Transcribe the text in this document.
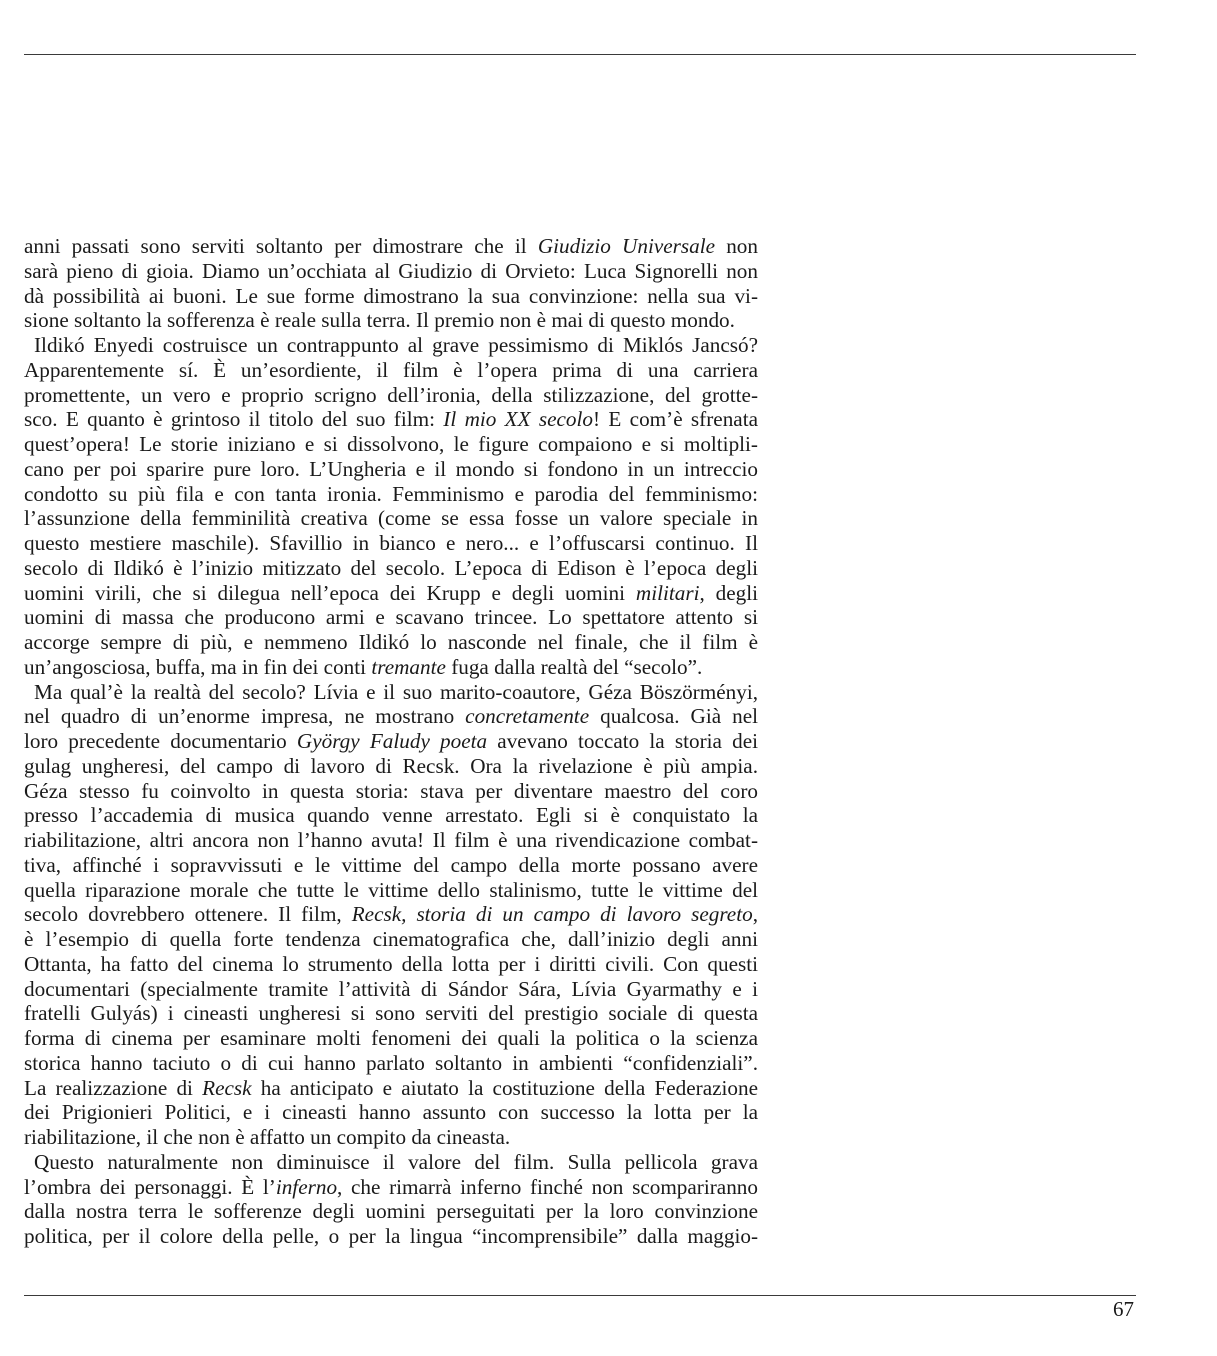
anni passati sono serviti soltanto per dimostrare che il Giudizio Universale non
sarà pieno di gioia. Diamo un’occhiata al Giudizio di Orvieto: Luca Signorelli non
dà possibilità ai buoni. Le sue forme dimostrano la sua convinzione: nella sua vi-
sione soltanto la sofferenza è reale sulla terra. Il premio non è mai di questo mondo.
Ildikó Enyedi costruisce un contrappunto al grave pessimismo di Miklós Jancsó?
Apparentemente sí. È un’esordiente, il film è l’opera prima di una carriera
promettente, un vero e proprio scrigno dell’ironia, della stilizzazione, del grotte-
sco. E quanto è grintoso il titolo del suo film: Il mio XX secolo! E com’è sfrenata
quest’opera! Le storie iniziano e si dissolvono, le figure compaiono e si moltipli-
cano per poi sparire pure loro. L’Ungheria e il mondo si fondono in un intreccio
condotto su più fila e con tanta ironia. Femminismo e parodia del femminismo:
l’assunzione della femminilità creativa (come se essa fosse un valore speciale in
questo mestiere maschile). Sfavillio in bianco e nero... e l’offuscarsi continuo. Il
secolo di Ildikó è l’inizio mitizzato del secolo. L’epoca di Edison è l’epoca degli
uomini virili, che si dilegua nell’epoca dei Krupp e degli uomini militari, degli
uomini di massa che producono armi e scavano trincee. Lo spettatore attento si
accorge sempre di più, e nemmeno Ildikó lo nasconde nel finale, che il film è
un’angosciosa, buffa, ma in fin dei conti tremante fuga dalla realtà del “secolo”.
Ma qual’è la realtà del secolo? Lívia e il suo marito-coautore, Géza Böszörményi,
nel quadro di un’enorme impresa, ne mostrano concretamente qualcosa. Già nel
loro precedente documentario György Faludy poeta avevano toccato la storia dei
gulag ungheresi, del campo di lavoro di Recsk. Ora la rivelazione è più ampia.
Géza stesso fu coinvolto in questa storia: stava per diventare maestro del coro
presso l’accademia di musica quando venne arrestato. Egli si è conquistato la
riabilitazione, altri ancora non l’hanno avuta! Il film è una rivendicazione combat-
tiva, affinché i sopravvissuti e le vittime del campo della morte possano avere
quella riparazione morale che tutte le vittime dello stalinismo, tutte le vittime del
secolo dovrebbero ottenere. Il film, Recsk, storia di un campo di lavoro segreto,
è l’esempio di quella forte tendenza cinematografica che, dall’inizio degli anni
Ottanta, ha fatto del cinema lo strumento della lotta per i diritti civili. Con questi
documentari (specialmente tramite l’attività di Sándor Sára, Lívia Gyarmathy e i
fratelli Gulyás) i cineasti ungheresi si sono serviti del prestigio sociale di questa
forma di cinema per esaminare molti fenomeni dei quali la politica o la scienza
storica hanno taciuto o di cui hanno parlato soltanto in ambienti “confidenziali”.
La realizzazione di Recsk ha anticipato e aiutato la costituzione della Federazione
dei Prigionieri Politici, e i cineasti hanno assunto con successo la lotta per la
riabilitazione, il che non è affatto un compito da cineasta.
Questo naturalmente non diminuisce il valore del film. Sulla pellicola grava
l’ombra dei personaggi. È l’inferno, che rimarrà inferno finché non scompariranno
dalla nostra terra le sofferenze degli uomini perseguitati per la loro convinzione
politica, per il colore della pelle, o per la lingua “incomprensibile” dalla maggio-
67
